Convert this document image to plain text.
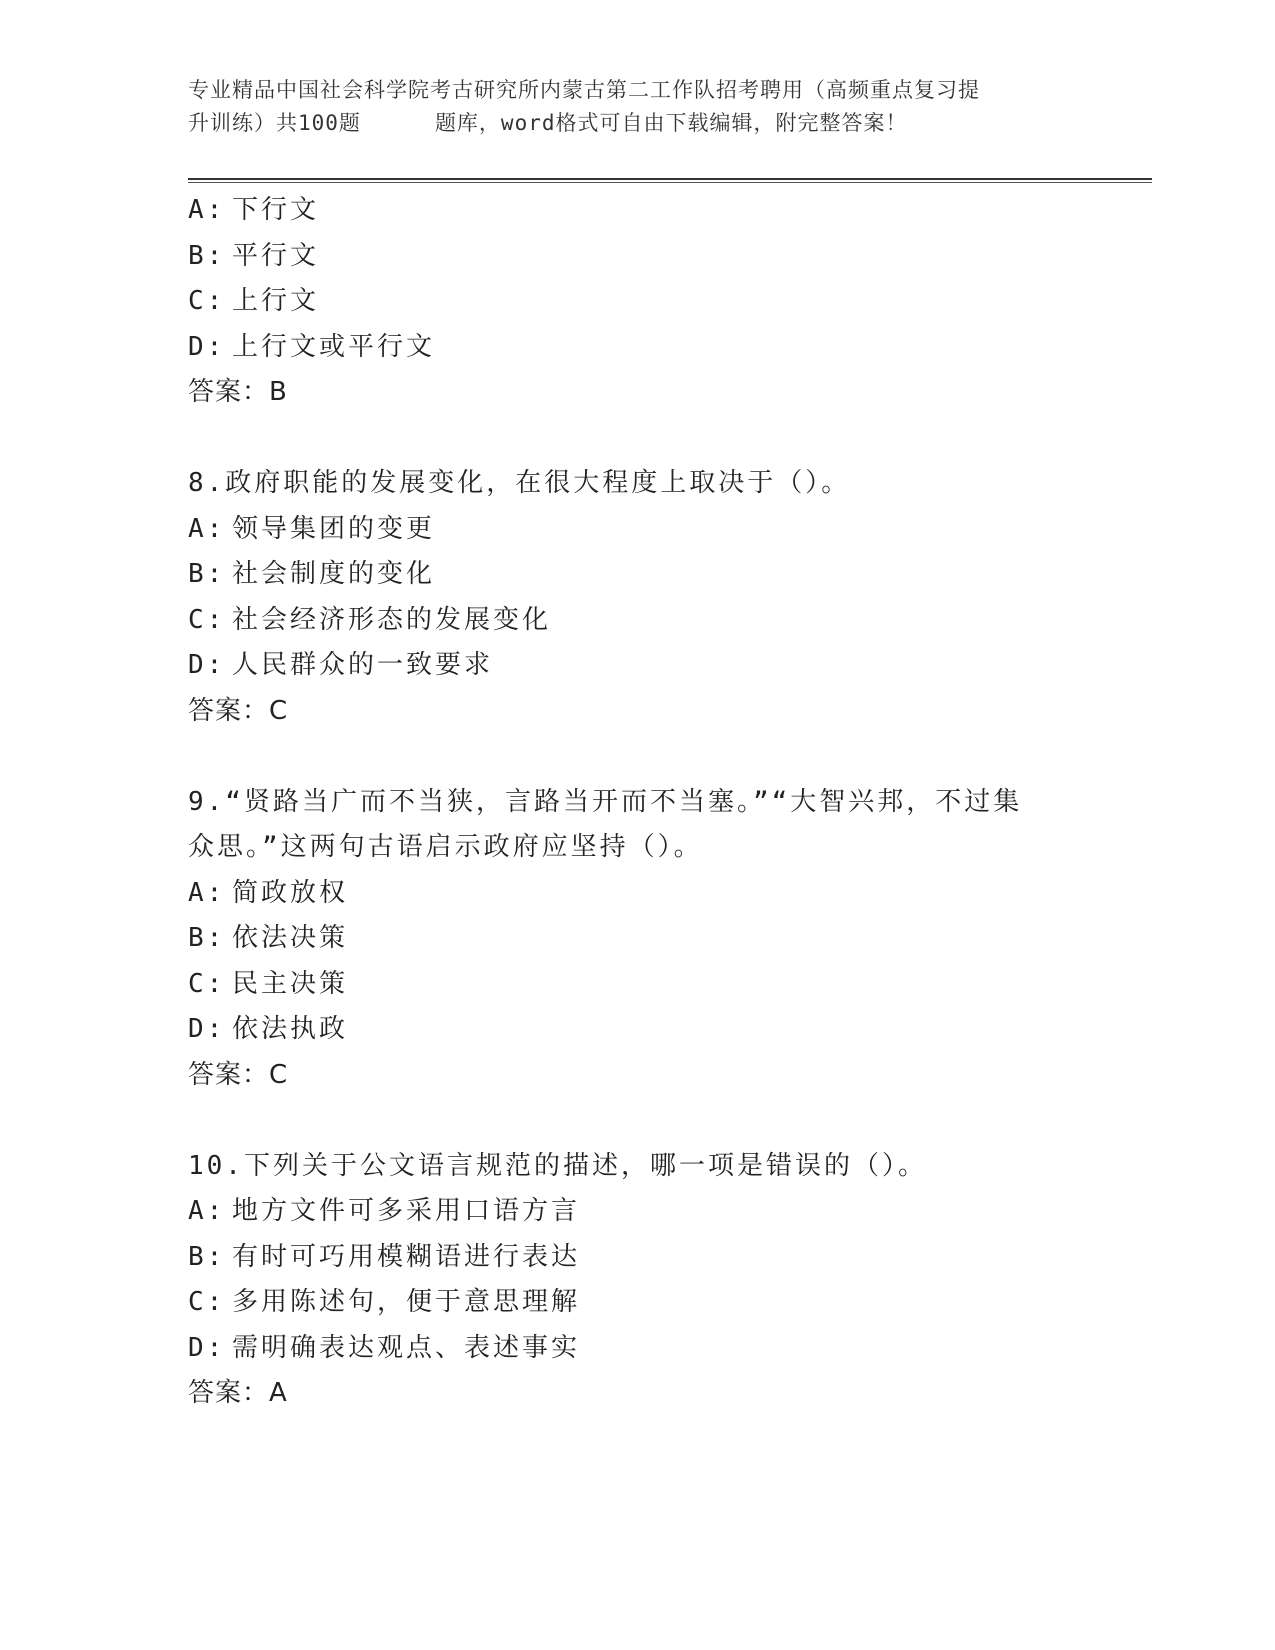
专业精品中国社会科学院考古研究所内蒙古第二工作队招考聘用（高频重点复习提
升训练）共100题	题库，word格式可自由下载编辑，附完整答案！
A: 下行文
B: 平行文
C: 上行文
D: 上行文或平行文
答案：B
8.政府职能的发展变化，在很大程度上取决于（）。
A: 领导集团的变更
B: 社会制度的变化
C: 社会经济形态的发展变化
D: 人民群众的一致要求
答案：C
9.“贤路当广而不当狭，言路当开而不当塞。”“大智兴邦，不过集
众思。”这两句古语启示政府应坚持（）。
A: 简政放权
B: 依法决策
C: 民主决策
D: 依法执政
答案：C
10.下列关于公文语言规范的描述，哪一项是错误的（）。
A: 地方文件可多采用口语方言
B: 有时可巧用模糊语进行表达
C: 多用陈述句，便于意思理解
D: 需明确表达观点、表述事实
答案：A
